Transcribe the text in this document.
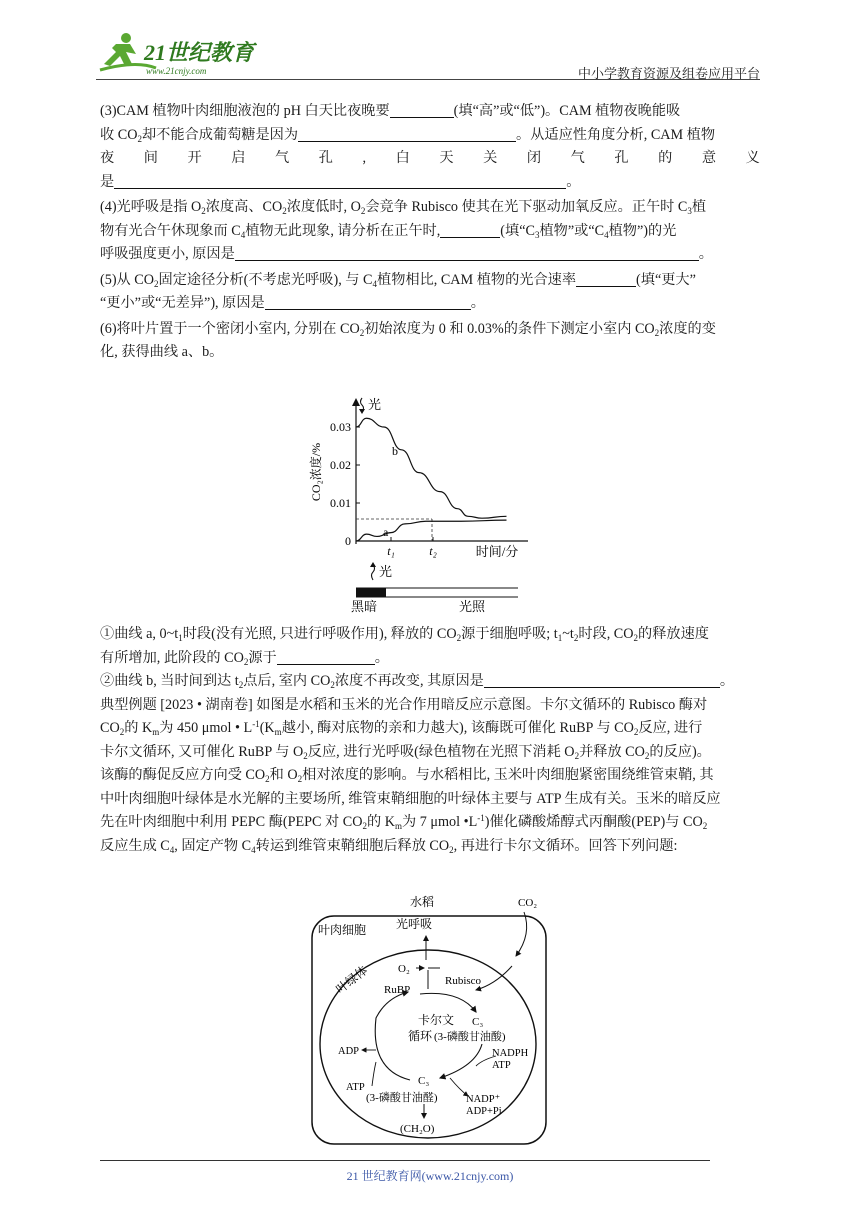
21世纪教育
www.21cnjy.com	中小学教育资源及组卷应用平台

(3)CAM 植物叶肉细胞液泡的 pH 白天比夜晚要	(填“高”或“低”)。CAM 植物夜晚能吸

收 $CO_2$却不能合成葡萄糖是因为	。从适应性角度分析, CAM 植物

夜 间 开 启 气 孔 , 白 天 关 闭 气 孔 的 意 义

是	。

(4)光呼吸是指 $O_2$浓度高、$CO_2$浓度低时, $O_2$会竞争 Rubisco 使其在光下驱动加氧反应。正午时 $C_3$植

物有光合午休现象而 $C_4$植物无此现象, 请分析在正午时,	(填“$C_3$植物”或“$C_4$植物”)的光

呼吸强度更小, 原因是	。

(5)从 $CO_2$固定途径分析(不考虑光呼吸), 与 $C_4$植物相比, CAM 植物的光合速率	(填“更大”

“更小”或“无差异”), 原因是	。

(6)将叶片置于一个密闭小室内, 分别在 $CO_2$初始浓度为 0 和 0.03%的条件下测定小室内 $CO_2$浓度的变

化, 获得曲线 a、b。

0
0.01
0.02
0.03
t₁	t₂
b
a
光
光
时间/分
CO₂浓度/%
黑暗	光照

①曲线 a, $0\sim t_1$时段(没有光照, 只进行呼吸作用), 释放的 $CO_2$源于细胞呼吸; $t_1\sim t_2$时段, $CO_2$的释放速度

有所增加, 此阶段的 $CO_2$源于	。

②曲线 b, 当时间到达 $t_2$点后, 室内 $CO_2$浓度不再改变, 其原因是	。

典型例题 [2023 • 湖南卷] 如图是水稻和玉米的光合作用暗反应示意图。卡尔文循环的 Rubisco 酶对

$CO_2$的 $K_m$为 450 μmol • $L^{-1}(K_m$越小, 酶对底物的亲和力越大), 该酶既可催化 RuBP 与 $CO_2$反应, 进行

卡尔文循环, 又可催化 RuBP 与 $O_2$反应, 进行光呼吸(绿色植物在光照下消耗 $O_2$并释放 $CO_2$的反应)。

该酶的酶促反应方向受 $CO_2$和 $O_2$相对浓度的影响。与水稻相比, 玉米叶肉细胞紧密围绕维管束鞘, 其

中叶肉细胞叶绿体是水光解的主要场所, 维管束鞘细胞的叶绿体主要与 ATP 生成有关。玉米的暗反应

先在叶肉细胞中利用 PEPC 酶(PEPC 对 $CO_2$的 $K_m$为 7 μmol $•L^{-1}$)催化磷酸烯醇式丙酮酸(PEP)与 $CO_2$

反应生成 $C_4$, 固定产物 $C_4$转运到维管束鞘细胞后释放 $CO_2$, 再进行卡尔文循环。回答下列问题:

水稻	CO₂
叶肉细胞 光呼吸
叶绿体	O₂
Rubisco
RuBP
C₃
卡尔文
循环 (3-磷酸甘油酸)
NADPH
ATP
ADP
ATP
C₃
(3-磷酸甘油醛)	NADP⁺
ADP+Pi
(CH₂O)
21 世纪教育网(www.21cnjy.com)
